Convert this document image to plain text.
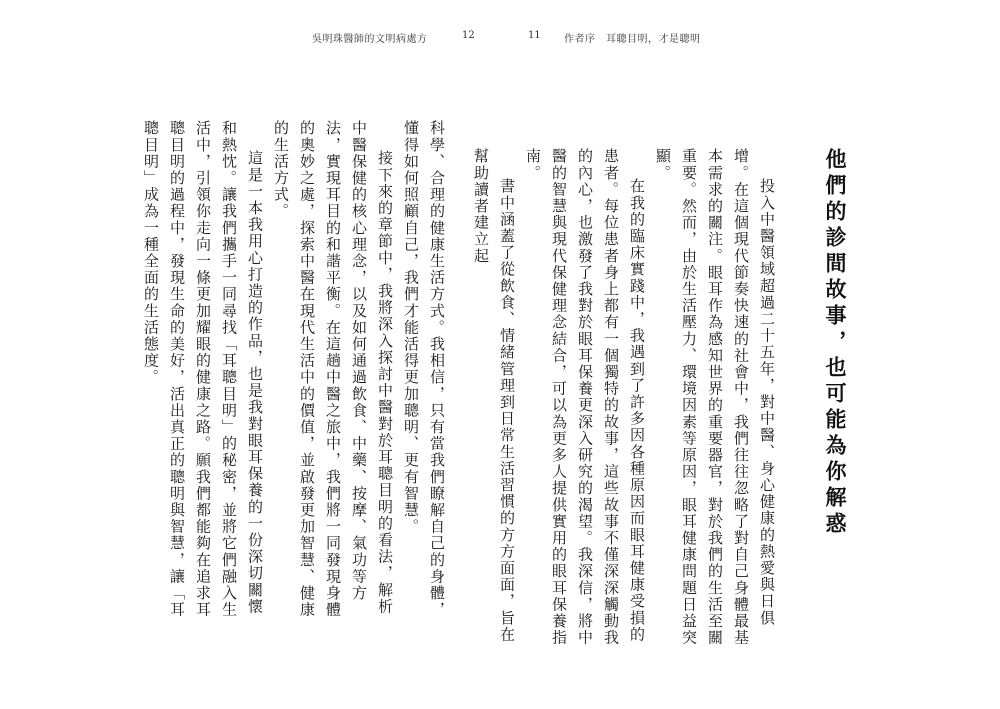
吳明珠醫師的文明病處方	12

科學、合理的健康生活方式。我相信，只有當我們瞭解自己的身體，懂得如何照顧自己，我們才能活得更加聰明、更有智慧。

接下來的章節中，我將深入探討中醫對於耳聰目明的看法，解析中醫保健的核心理念，以及如何通過飲食、中藥、按摩、氣功等方法，實現耳目的和諧平衡。在這趟中醫之旅中，我們將一同發現身體的奧妙之處，探索中醫在現代生活中的價值，並啟發更加智慧、健康的生活方式。

這是一本我用心打造的作品，也是我對眼耳保養的一份深切關懷和熱忱。讓我們攜手一同尋找「耳聰目明」的秘密，並將它們融入生活中，引領你走向一條更加耀眼的健康之路。願我們都能夠在追求耳聰目明的過程中，發現生命的美好，活出真正的聰明與智慧，讓「耳聰目明」成為一種全面的生活態度。

11 作者序　耳聰目明，才是聰明
他們的診間故事，也可能為你解惑

投入中醫領域超過二十五年，對中醫、身心健康的熱愛與日俱增。在這個現代節奏快速的社會中，我們往往忽略了對自己身體最基本需求的關注。眼耳作為感知世界的重要器官，對於我們的生活至關重要。然而，由於生活壓力、環境因素等原因，眼耳健康問題日益突顯。

在我的臨床實踐中，我遇到了許多因各種原因而眼耳健康受損的患者。每位患者身上都有一個獨特的故事，這些故事不僅深深觸動我的內心，也激發了我對於眼耳保養更深入研究的渴望。我深信，將中醫的智慧與現代保健理念結合，可以為更多人提供實用的眼耳保養指南。

書中涵蓋了從飲食、情緒管理到日常生活習慣的方方面面，旨在幫助讀者建立起
